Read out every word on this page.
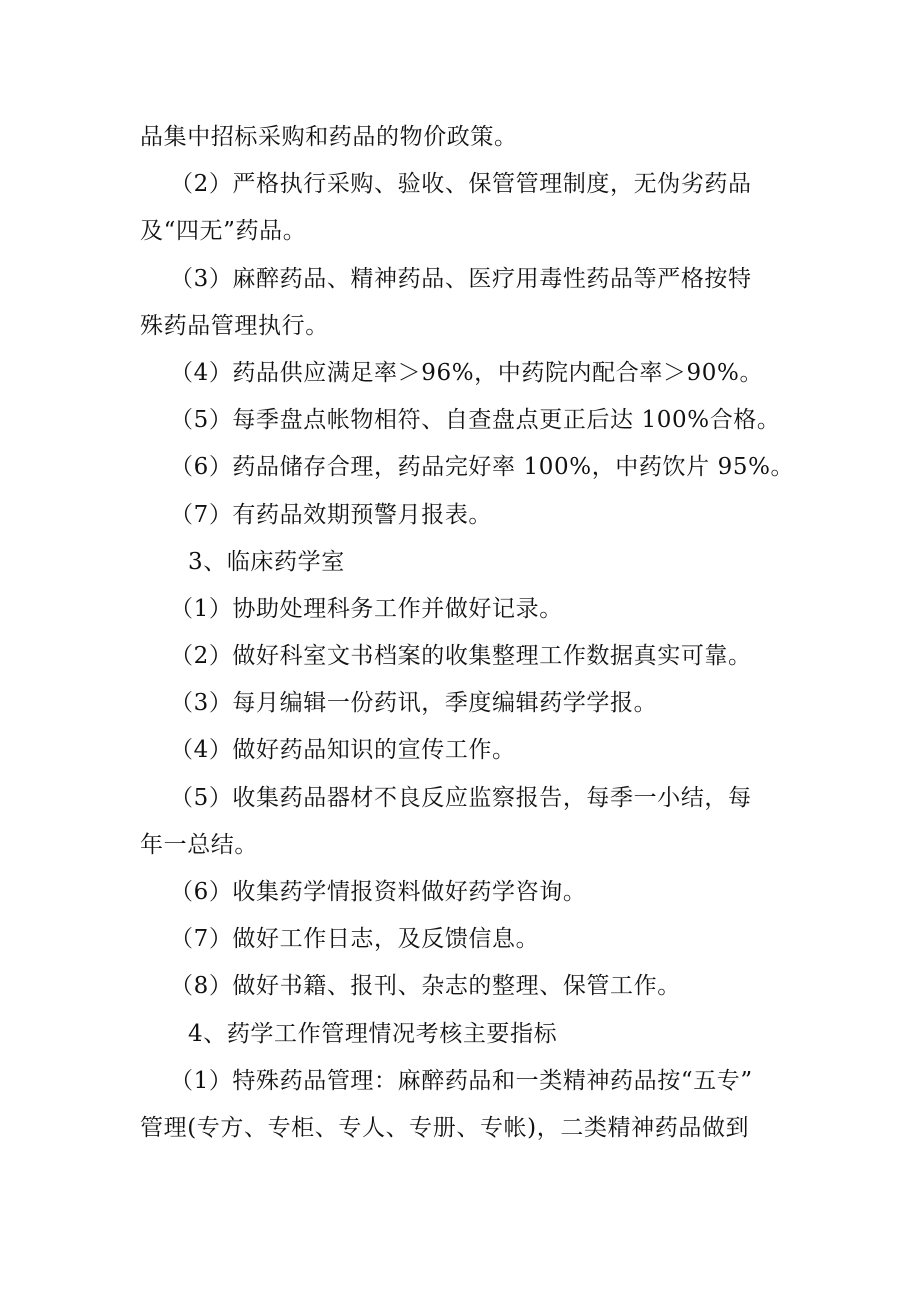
品集中招标采购和药品的物价政策。
（2）严格执行采购、验收、保管管理制度，无伪劣药品
及“四无”药品。
（3）麻醉药品、精神药品、医疗用毒性药品等严格按特
殊药品管理执行。
（4）药品供应满足率＞96%，中药院内配合率＞90%。
（5）每季盘点帐物相符、自查盘点更正后达 100%合格。
（6）药品储存合理，药品完好率 100%，中药饮片 95%。
（7）有药品效期预警月报表。
3、临床药学室
（1）协助处理科务工作并做好记录。
（2）做好科室文书档案的收集整理工作数据真实可靠。
（3）每月编辑一份药讯，季度编辑药学学报。
（4）做好药品知识的宣传工作。
（5）收集药品器材不良反应监察报告，每季一小结，每
年一总结。
（6）收集药学情报资料做好药学咨询。
（7）做好工作日志，及反馈信息。
（8）做好书籍、报刊、杂志的整理、保管工作。
4、药学工作管理情况考核主要指标
（1）特殊药品管理：麻醉药品和一类精神药品按“五专”
管理(专方、专柜、专人、专册、专帐)，二类精神药品做到
